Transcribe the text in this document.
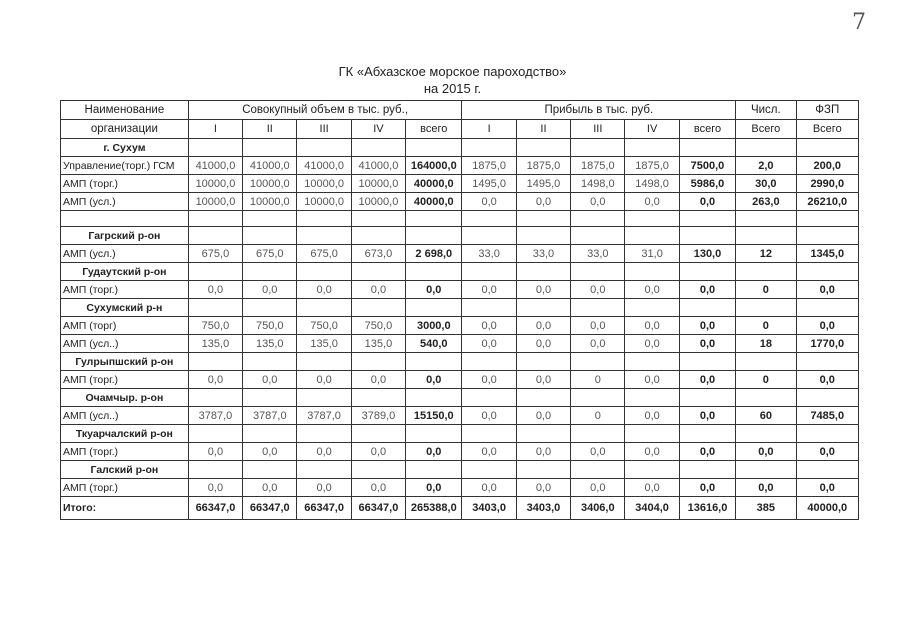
7
ГК «Абхазское морское пароходство»
на 2015 г.
Наименование	Совокупный объем в тыс. руб.,					Прибыль в тыс. руб.					Числ.	ФЗП
организации	I	II	III	IV	всего	I	II	III	IV	всего	Всего	Всего
г. Сухум												
Управление(торг.) ГСМ	41000,0	41000,0	41000,0	41000,0	164000,0	1875,0	1875,0	1875,0	1875,0	7500,0	2,0	200,0
АМП (торг.)	10000,0	10000,0	10000,0	10000,0	40000,0	1495,0	1495,0	1498,0	1498,0	5986,0	30,0	2990,0
АМП (усл.)	10000,0	10000,0	10000,0	10000,0	40000,0	0,0	0,0	0,0	0,0	0,0	263,0	26210,0

Гагрский р-он												
АМП (усл.)	675,0	675,0	675,0	673,0	2 698,0	33,0	33,0	33,0	31,0	130,0	12	1345,0
Гудаутский р-он												
АМП (торг.)	0,0	0,0	0,0	0,0	0,0	0,0	0,0	0,0	0,0	0,0	0	0,0
Сухумский р-н												
АМП (торг)	750,0	750,0	750,0	750,0	3000,0	0,0	0,0	0,0	0,0	0,0	0	0,0
АМП (усл..)	135,0	135,0	135,0	135,0	540,0	0,0	0,0	0,0	0,0	0,0	18	1770,0
Гулрыпшский р-он												
АМП (торг.)	0,0	0,0	0,0	0,0	0,0	0,0	0,0	0	0,0	0,0	0	0,0
Очамчыр. р-он												
АМП (усл..)	3787,0	3787,0	3787,0	3789,0	15150,0	0,0	0,0	0	0,0	0,0	60	7485,0
Ткуарчалский р-он												
АМП (торг.)	0,0	0,0	0,0	0,0	0,0	0,0	0,0	0,0	0,0	0,0	0,0	0,0
Галский р-он												
АМП (торг.)	0,0	0,0	0,0	0,0	0,0	0,0	0,0	0,0	0,0	0,0	0,0	0,0
Итого:	66347,0	66347,0	66347,0	66347,0	265388,0	3403,0	3403,0	3406,0	3404,0	13616,0	385	40000,0
